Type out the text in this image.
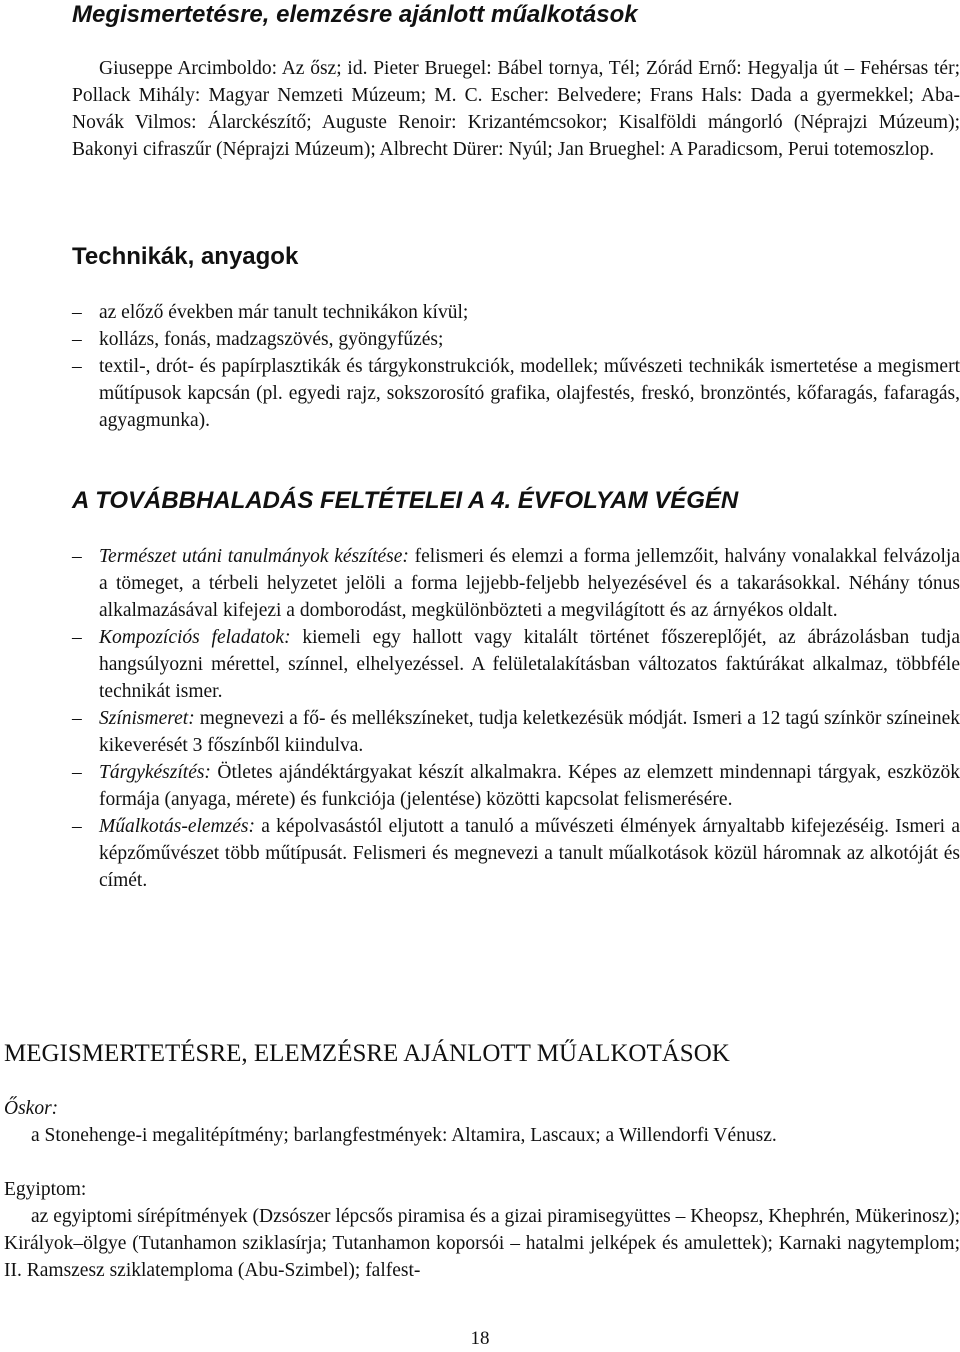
Megismertetésre, elemzésre ajánlott műalkotások

Giuseppe Arcimboldo: Az ősz; id. Pieter Bruegel: Bábel tornya, Tél; Zórád Ernő: Hegyalja út – Fehérsas tér; Pollack Mihály: Magyar Nemzeti Múzeum; M. C. Escher: Belvedere; Frans Hals: Dada a gyermekkel; Aba-Novák Vilmos: Álarckészítő; Auguste Renoir: Krizantémcsokor; Kisalföldi mángorló (Néprajzi Múzeum); Bakonyi cifraszűr (Néprajzi Múzeum); Albrecht Dürer: Nyúl; Jan Brueghel: A Paradicsom, Perui totemoszlop.

Technikák, anyagok
– az előző években már tanult technikákon kívül;
– kollázs, fonás, madzagszövés, gyöngyfűzés;
– textil-, drót- és papírplasztikák és tárgykonstrukciók, modellek; művészeti technikák ismertetése a megismert műtípusok kapcsán (pl. egyedi rajz, sokszorosító grafika, olajfestés, freskó, bronzöntés, kőfaragás, fafaragás, agyagmunka).
A TOVÁBBHALADÁS FELTÉTELEI A 4. ÉVFOLYAM VÉGÉN
– Természet utáni tanulmányok készítése: felismeri és elemzi a forma jellemzőit, halvány vonalakkal felvázolja a tömeget, a térbeli helyzetet jelöli a forma lejjebb-feljebb helyezésével és a takarásokkal. Néhány tónus alkalmazásával kifejezi a domborodást, megkülönbözteti a megvilágított és az árnyékos oldalt.
– Kompozíciós feladatok: kiemeli egy hallott vagy kitalált történet főszereplőjét, az ábrázolásban tudja hangsúlyozni mérettel, színnel, elhelyezéssel. A felületalakításban változatos faktúrákat alkalmaz, többféle technikát ismer.
– Színismeret: megnevezi a fő- és mellékszíneket, tudja keletkezésük módját. Ismeri a 12 tagú színkör színeinek kikeverését 3 főszínből kiindulva.
– Tárgykészítés: Ötletes ajándéktárgyakat készít alkalmakra. Képes az elemzett mindennapi tárgyak, eszközök formája (anyaga, mérete) és funkciója (jelentése) közötti kapcsolat felismerésére.
– Műalkotás-elemzés: a képolvasástól eljutott a tanuló a művészeti élmények árnyaltabb kifejezéséig. Ismeri a képzőművészet több műtípusát. Felismeri és megnevezi a tanult műalkotások közül háromnak az alkotóját és címét.
MEGISMERTETÉSRE, ELEMZÉSRE AJÁNLOTT MŰALKOTÁSOK

Őskor:

a Stonehenge-i megalitépítmény; barlangfestmények: Altamira, Lascaux; a Willendorfi Vénusz.

Egyiptom:

az egyiptomi sírépítmények (Dzsószer lépcsős piramisa és a gizai piramisegyüttes – Kheopsz, Khephrén, Mükerinosz); Királyok–ölgye (Tutanhamon sziklasírja; Tutanhamon koporsói – hatalmi jelképek és amulettek); Karnaki nagytemplom; II. Ramszesz sziklatemploma (Abu-Szimbel); falfest-

18
